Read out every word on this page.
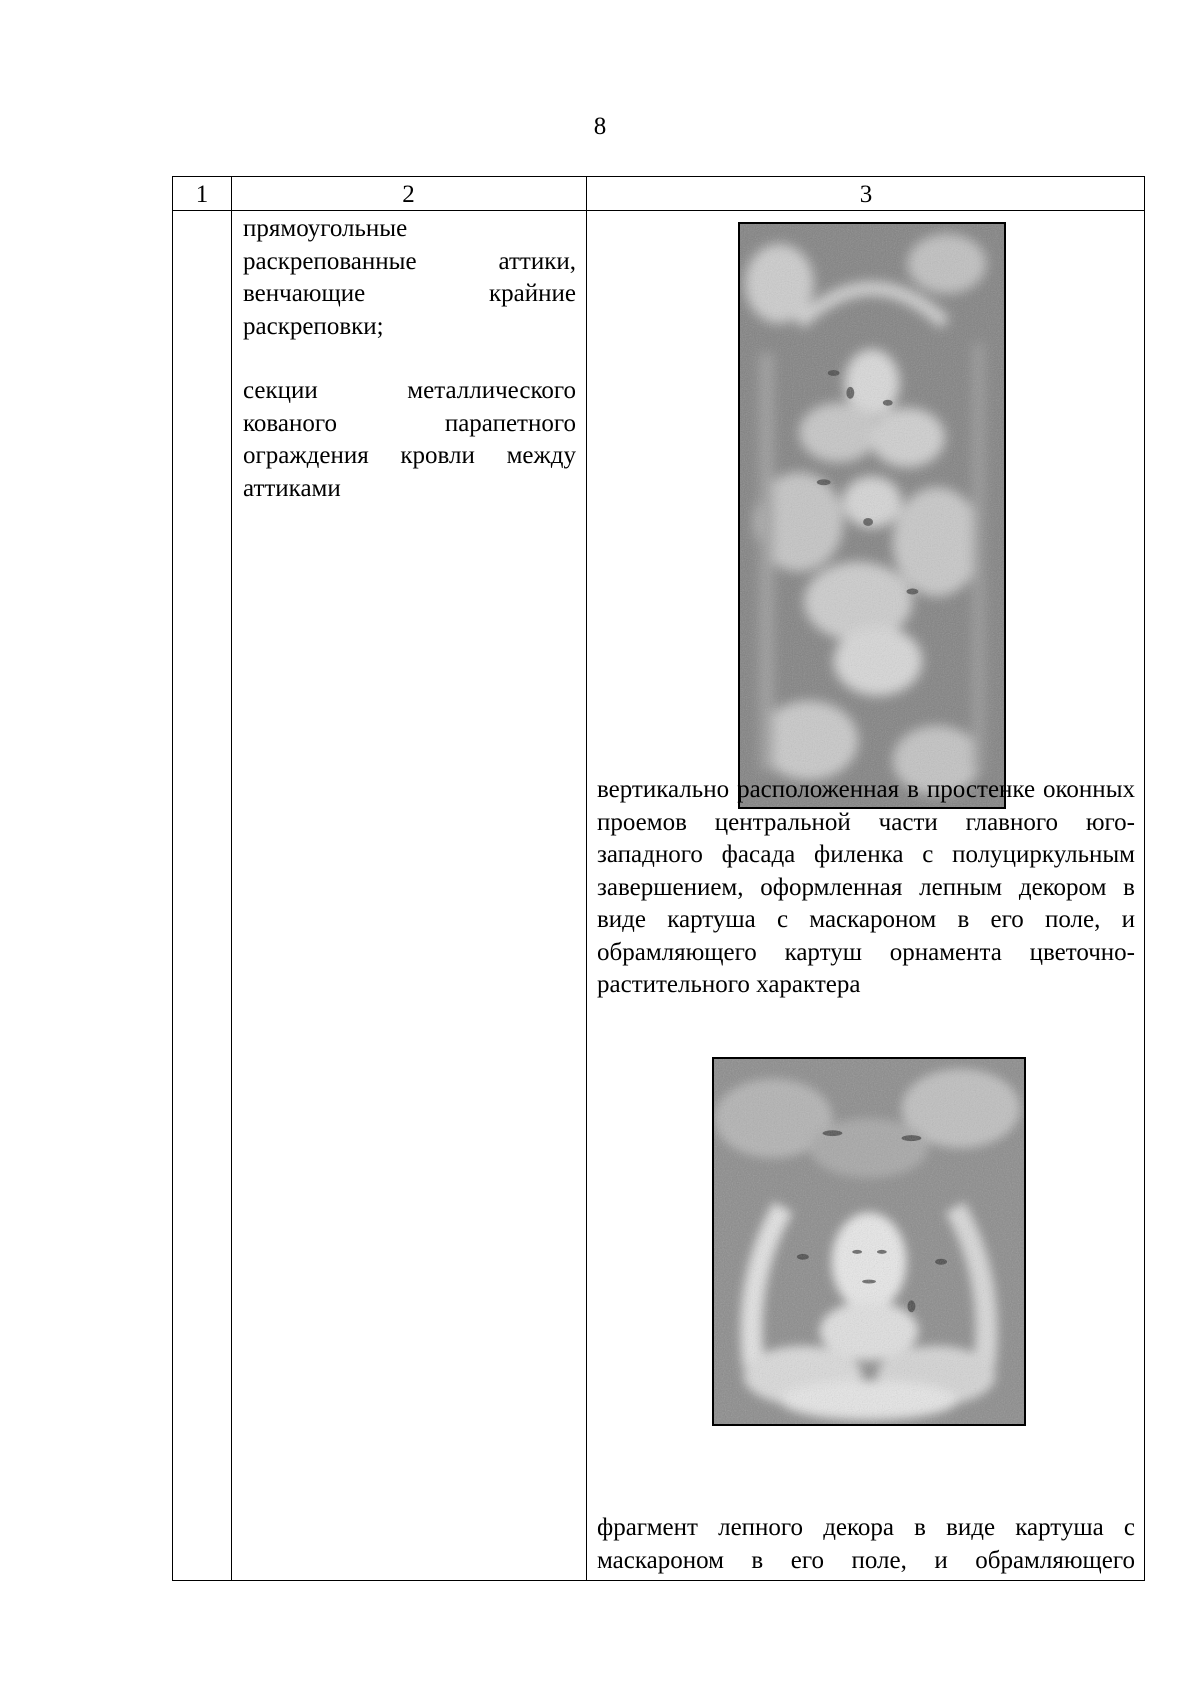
8
1	2	3

прямоугольные раскрепованные аттики, венчающие крайние раскреповки;

секции металлического кованого парапетного ограждения кровли между аттиками

вертикально расположенная в простенке оконных проемов центральной части главного юго-западного фасада филенка с полуциркульным завершением, оформленная лепным декором в виде картуша с маскароном в его поле, и обрамляющего картуш орнамента цветочно-растительного характера

фрагмент лепного декора в виде картуша с маскароном в его поле, и обрамляющего
